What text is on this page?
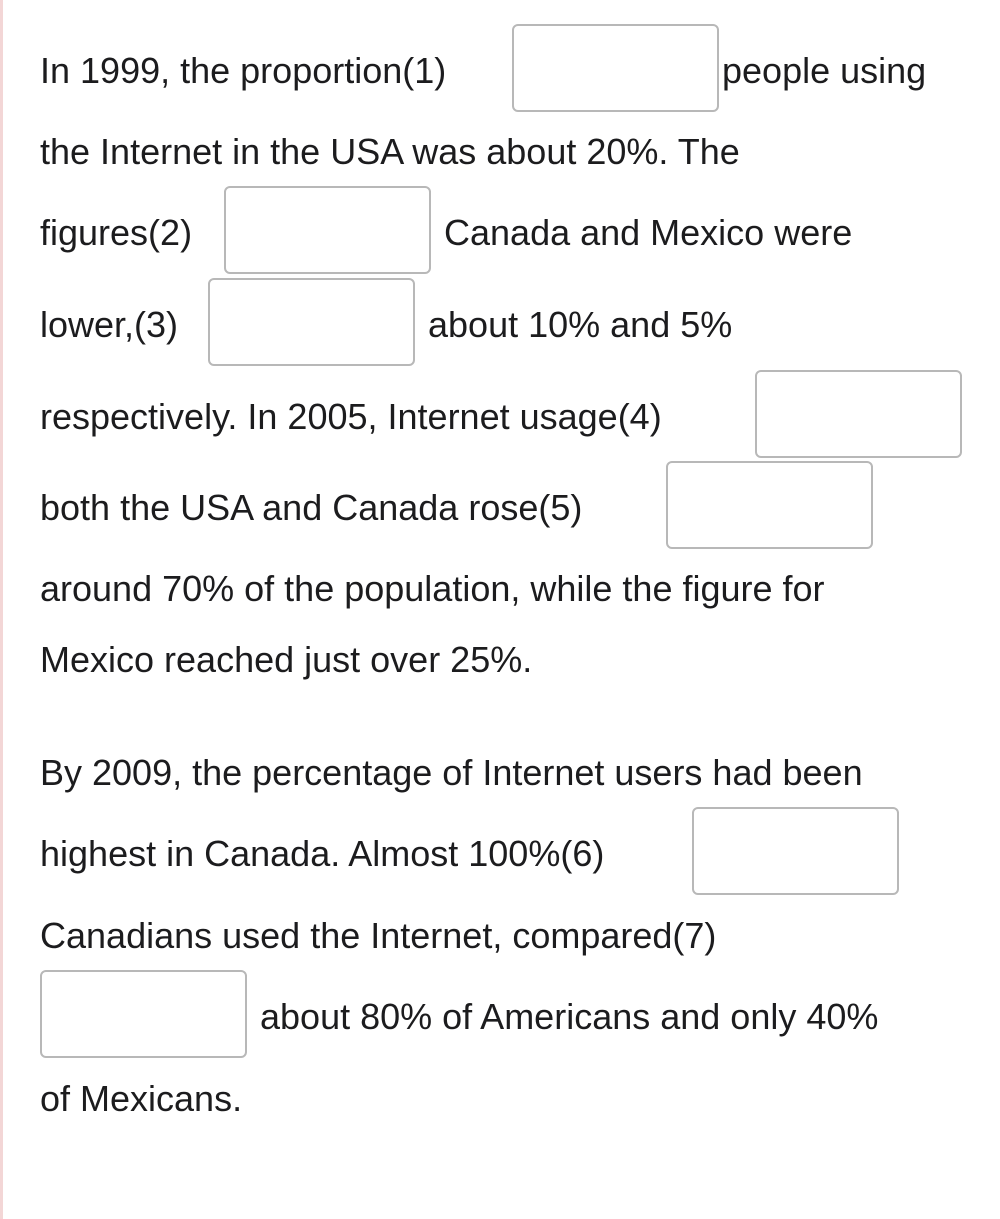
In 1999, the proportion(1)	people using
the Internet in the USA was about 20%. The
figures(2)	Canada and Mexico were
lower,(3)	about 10% and 5%
respectively. In 2005, Internet usage(4)
both the USA and Canada rose(5)
around 70% of the population, while the figure for
Mexico reached just over 25%.
By 2009, the percentage of Internet users had been
highest in Canada. Almost 100%(6)
Canadians used the Internet, compared(7)
about 80% of Americans and only 40%
of Mexicans.
